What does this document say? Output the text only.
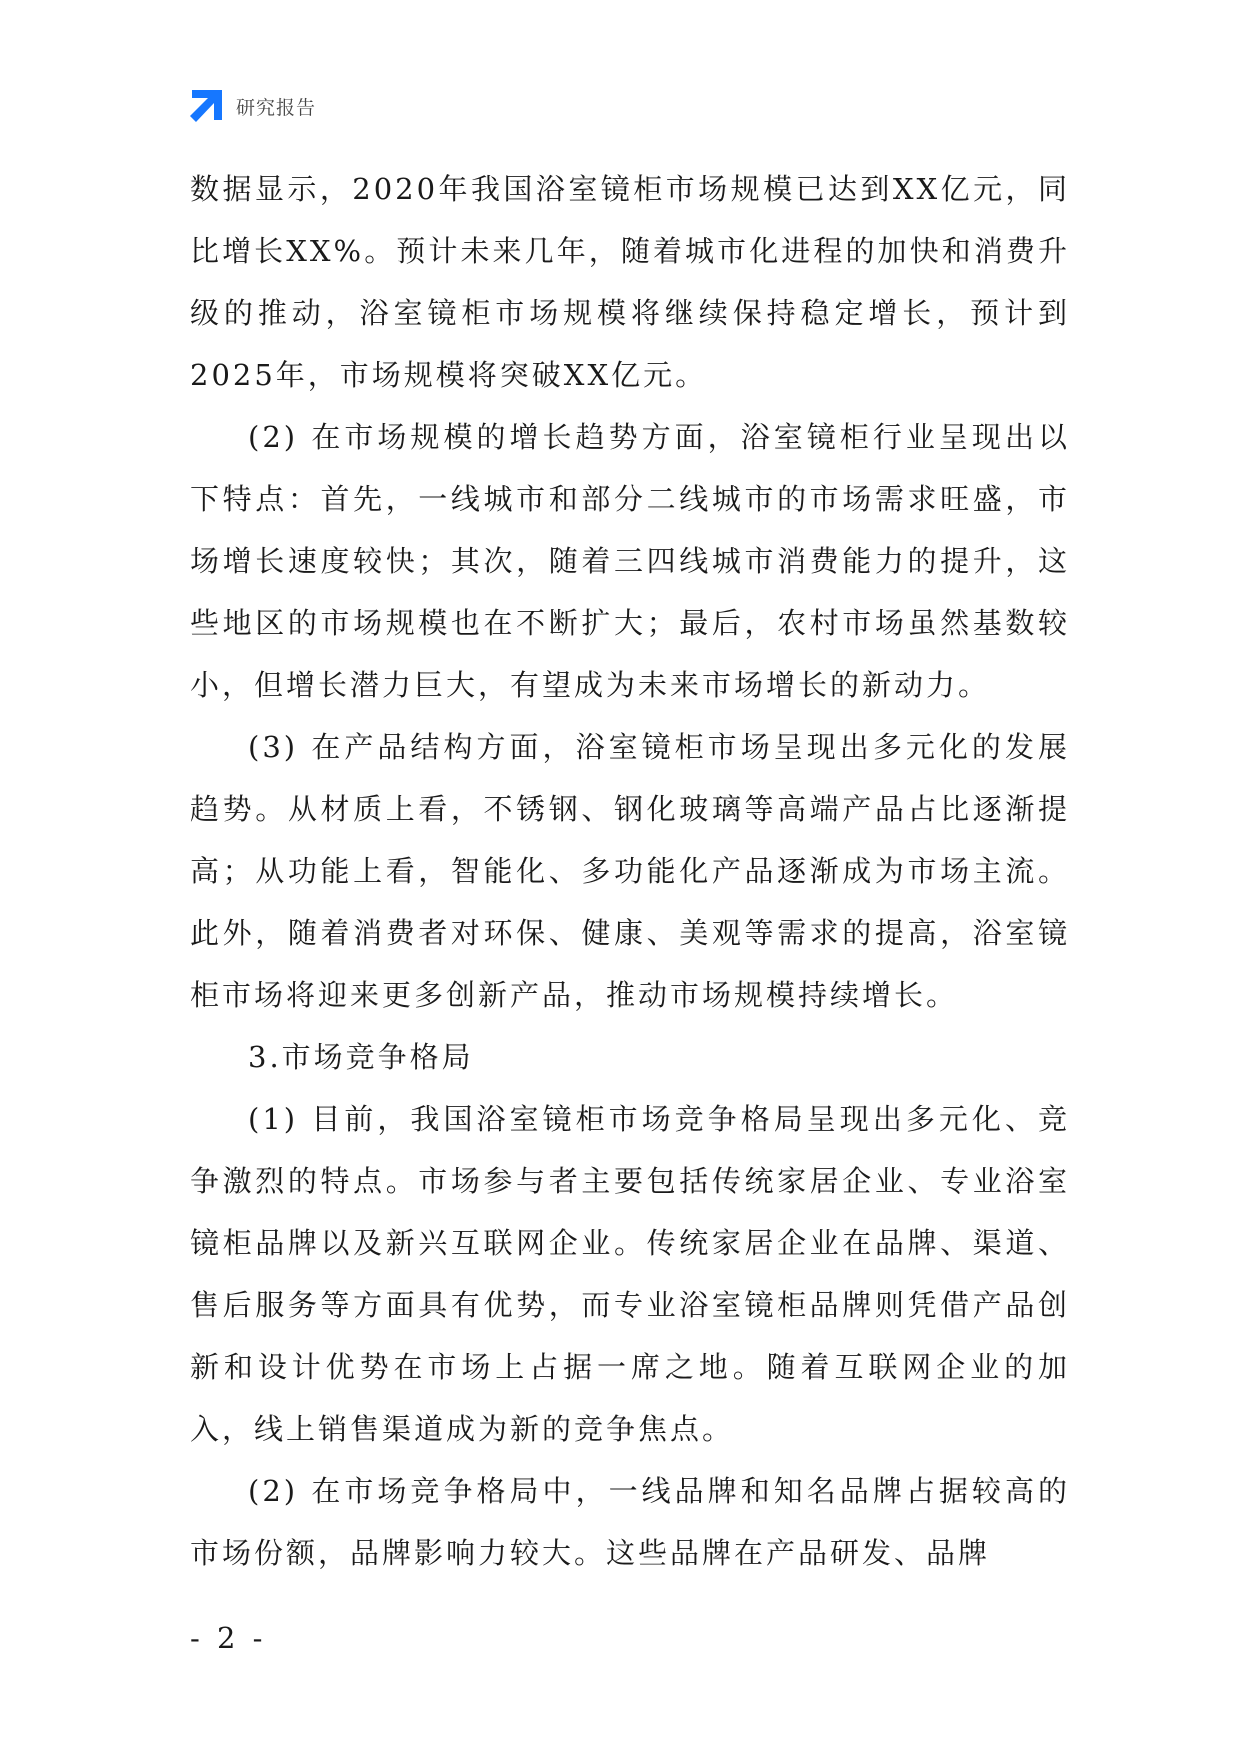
研究报告

数据显示，2020年我国浴室镜柜市场规模已达到XX亿元，同比增长XX%。预计未来几年，随着城市化进程的加快和消费升级的推动，浴室镜柜市场规模将继续保持稳定增长，预计到2025年，市场规模将突破XX亿元。

(2) 在市场规模的增长趋势方面，浴室镜柜行业呈现出以下特点：首先，一线城市和部分二线城市的市场需求旺盛，市场增长速度较快；其次，随着三四线城市消费能力的提升，这些地区的市场规模也在不断扩大；最后，农村市场虽然基数较小，但增长潜力巨大，有望成为未来市场增长的新动力。

(3) 在产品结构方面，浴室镜柜市场呈现出多元化的发展趋势。从材质上看，不锈钢、钢化玻璃等高端产品占比逐渐提高；从功能上看，智能化、多功能化产品逐渐成为市场主流。此外，随着消费者对环保、健康、美观等需求的提高，浴室镜柜市场将迎来更多创新产品，推动市场规模持续增长。

3.市场竞争格局

(1) 目前，我国浴室镜柜市场竞争格局呈现出多元化、竞争激烈的特点。市场参与者主要包括传统家居企业、专业浴室镜柜品牌以及新兴互联网企业。传统家居企业在品牌、渠道、售后服务等方面具有优势，而专业浴室镜柜品牌则凭借产品创新和设计优势在市场上占据一席之地。随着互联网企业的加入，线上销售渠道成为新的竞争焦点。

(2) 在市场竞争格局中，一线品牌和知名品牌占据较高的市场份额，品牌影响力较大。这些品牌在产品研发、品牌

- 2 -
